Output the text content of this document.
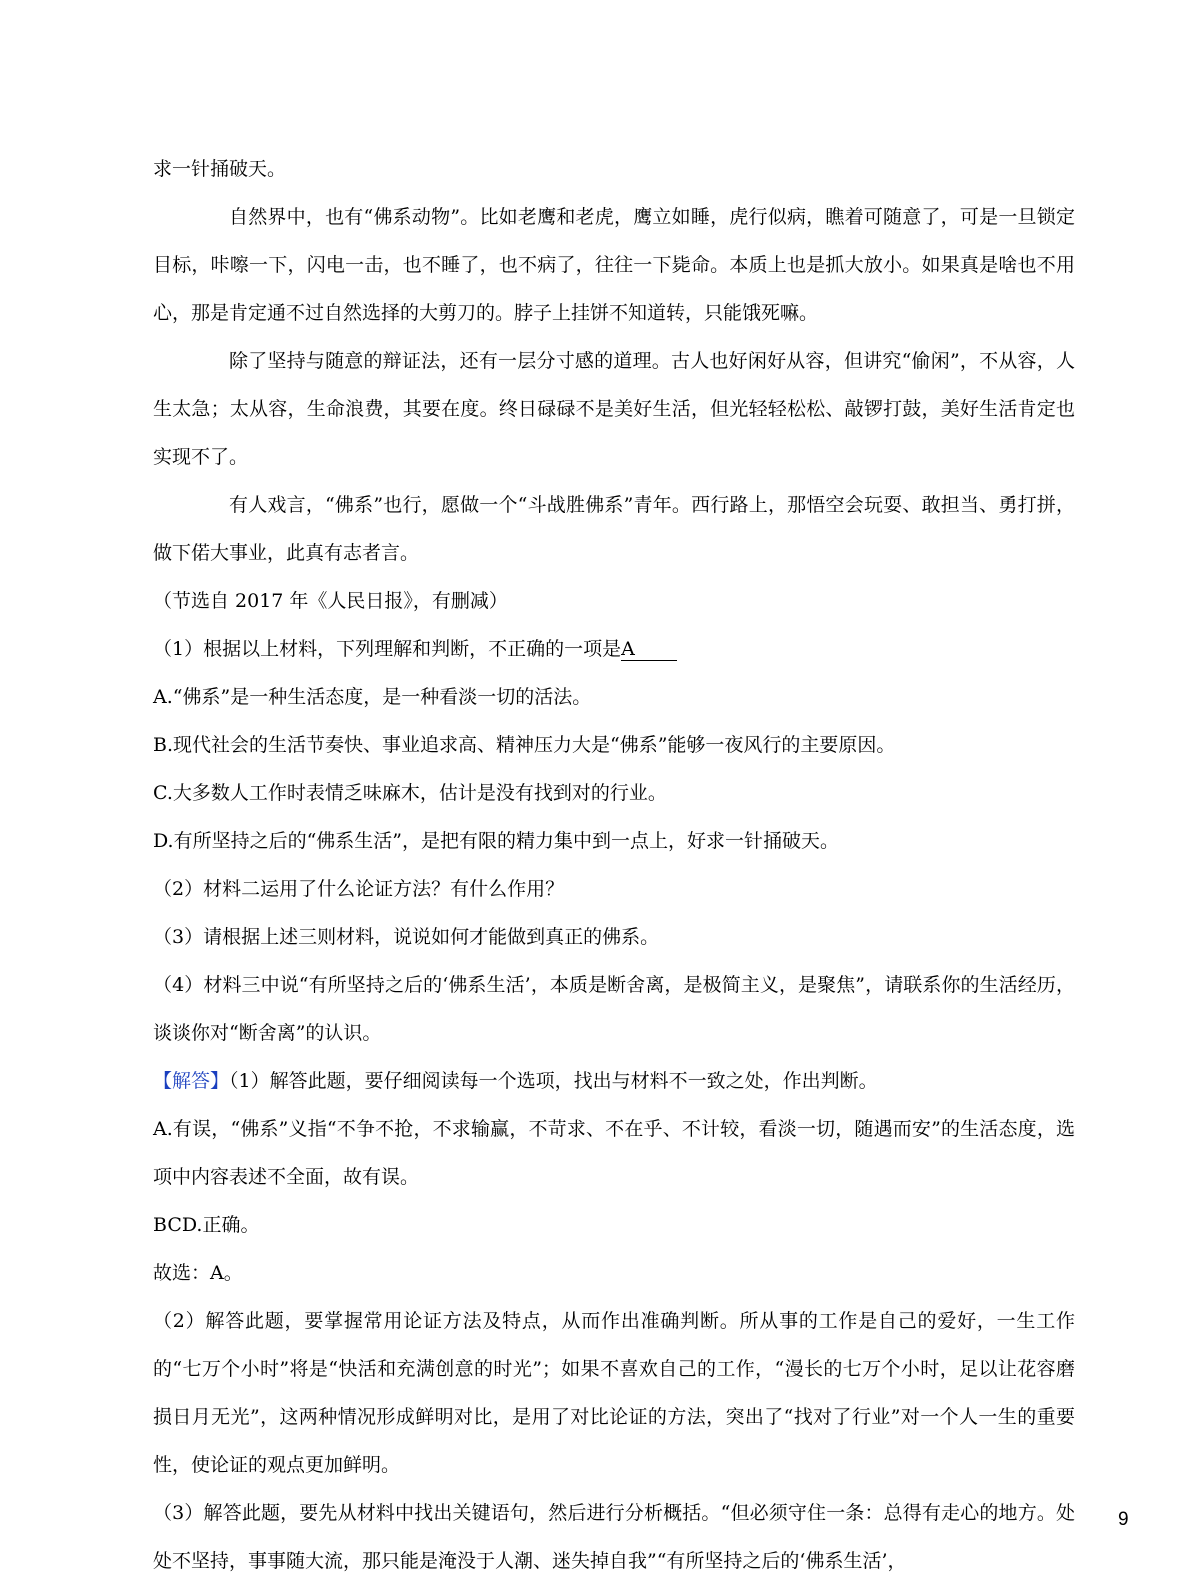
求一针捅破天。

自然界中，也有“佛系动物”。比如老鹰和老虎，鹰立如睡，虎行似病，瞧着可随意了，可是一旦锁定目标，咔嚓一下，闪电一击，也不睡了，也不病了，往往一下毙命。本质上也是抓大放小。如果真是啥也不用心，那是肯定通不过自然选择的大剪刀的。脖子上挂饼不知道转，只能饿死嘛。

除了坚持与随意的辩证法，还有一层分寸感的道理。古人也好闲好从容，但讲究“偷闲”，不从容，人生太急；太从容，生命浪费，其要在度。终日碌碌不是美好生活，但光轻轻松松、敲锣打鼓，美好生活肯定也实现不了。

有人戏言，“佛系”也行，愿做一个“斗战胜佛系”青年。西行路上，那悟空会玩耍、敢担当、勇打拼，做下偌大事业，此真有志者言。

（节选自 2017 年《人民日报》，有删减）

（1）根据以上材料，下列理解和判断，不正确的一项是A

A.“佛系”是一种生活态度，是一种看淡一切的活法。

B.现代社会的生活节奏快、事业追求高、精神压力大是“佛系”能够一夜风行的主要原因。

C.大多数人工作时表情乏味麻木，估计是没有找到对的行业。

D.有所坚持之后的“佛系生活”，是把有限的精力集中到一点上，好求一针捅破天。

（2）材料二运用了什么论证方法？有什么作用？

（3）请根据上述三则材料，说说如何才能做到真正的佛系。

（4）材料三中说“有所坚持之后的‘佛系生活’，本质是断舍离，是极简主义，是聚焦”，请联系你的生活经历，谈谈你对“断舍离”的认识。

【解答】（1）解答此题，要仔细阅读每一个选项，找出与材料不一致之处，作出判断。

A.有误，“佛系”义指“不争不抢，不求输赢，不苛求、不在乎、不计较，看淡一切，随遇而安”的生活态度，选项中内容表述不全面，故有误。

BCD.正确。

故选：A。

（2）解答此题，要掌握常用论证方法及特点，从而作出准确判断。所从事的工作是自己的爱好，一生工作的“七万个小时”将是“快活和充满创意的时光”；如果不喜欢自己的工作，“漫长的七万个小时，足以让花容磨损日月无光”，这两种情况形成鲜明对比，是用了对比论证的方法，突出了“找对了行业”对一个人一生的重要性，使论证的观点更加鲜明。

（3）解答此题，要先从材料中找出关键语句，然后进行分析概括。“但必须守住一条：总得有走心的地方。处处不坚持，事事随大流，那只能是淹没于人潮、迷失掉自我”“有所坚持之后的‘佛系生活’，

9
